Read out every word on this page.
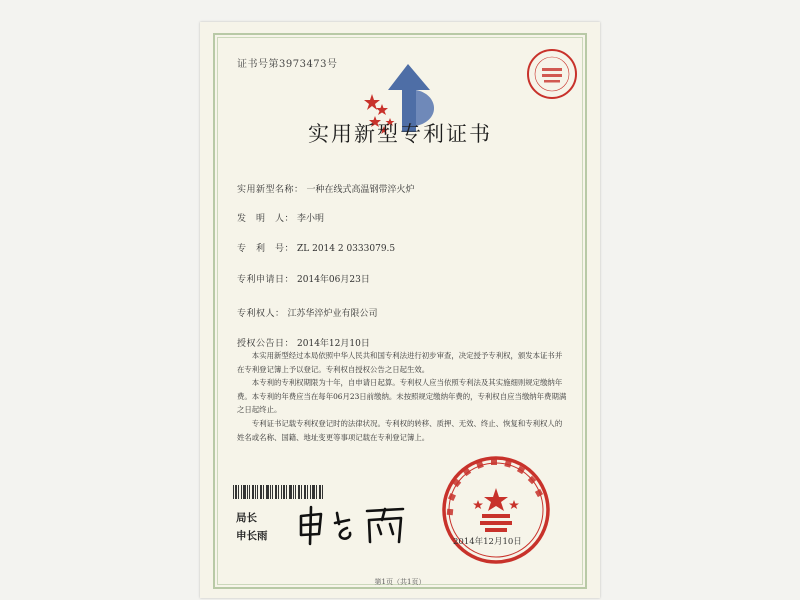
证书号第3973473号
实用新型专利证书
实用新型名称： 一种在线式高温钢带淬火炉
发　明　人： 李小明
专　利　号： ZL 2014 2 0333079.5
专利申请日： 2014年06月23日
专利权人： 江苏华淬炉业有限公司
授权公告日： 2014年12月10日

本实用新型经过本局依照中华人民共和国专利法进行初步审查，决定授予专利权，颁发本证书并在专利登记簿上予以登记。专利权自授权公告之日起生效。

本专利的专利权期限为十年，自申请日起算。专利权人应当依照专利法及其实施细则规定缴纳年费。本专利的年费应当在每年06月23日前缴纳。未按照规定缴纳年费的，专利权自应当缴纳年费期满之日起终止。

专利证书记载专利权登记时的法律状况。专利权的转移、质押、无效、终止、恢复和专利权人的姓名或名称、国籍、地址变更等事项记载在专利登记簿上。

局长
申长雨	2014年12月10日
第1页（共1页）
